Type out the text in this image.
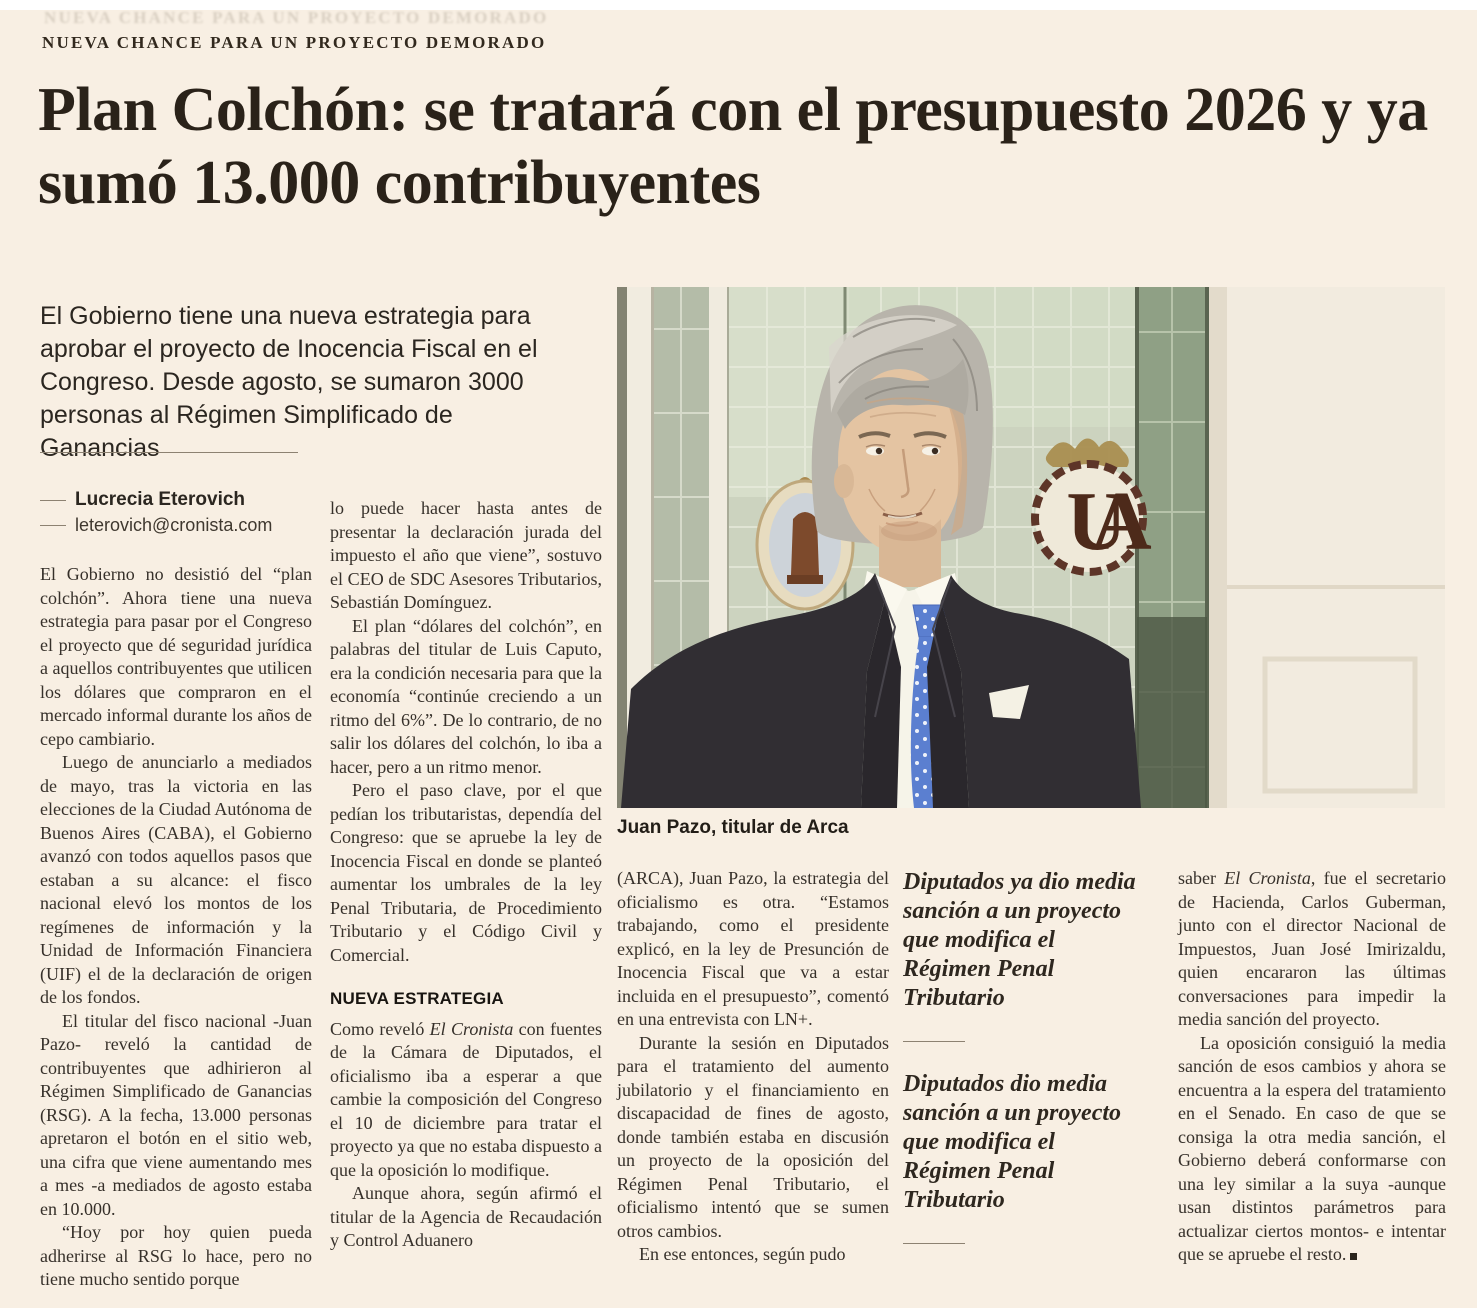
NUEVA CHANCE PARA UN PROYECTO DEMORADO
NUEVA CHANCE PARA UN PROYECTO DEMORADO
Plan Colchón: se tratará con el presupuesto 2026 y ya sumó 13.000 contribuyentes
El Gobierno tiene una nueva estrategia para aprobar el proyecto de Inocencia Fiscal en el Congreso. Desde agosto, se sumaron 3000 personas al Régimen Simplificado de Ganancias
Lucrecia Eterovich
leterovich@cronista.com	UA
Juan Pazo, titular de Arca

El Gobierno no desistió del “plan colchón”. Ahora tiene una nueva estrategia para pasar por el Congreso el proyecto que dé seguridad jurídica a aquellos contribuyentes que utilicen los dólares que compraron en el mercado informal durante los años de cepo cambiario.

Luego de anunciarlo a mediados de mayo, tras la victoria en las elecciones de la Ciudad Autónoma de Buenos Aires (CABA), el Gobierno avanzó con todos aquellos pasos que estaban a su alcance: el fisco nacional elevó los montos de los regímenes de información y la Unidad de Información Financiera (UIF) el de la declaración de origen de los fondos.

El titular del fisco nacional -Juan Pazo- reveló la cantidad de contribuyentes que adhirieron al Régimen Simplificado de Ganancias (RSG). A la fecha, 13.000 personas apretaron el botón en el sitio web, una cifra que viene aumentando mes a mes -a mediados de agosto estaba en 10.000.

“Hoy por hoy quien pueda adherirse al RSG lo hace, pero no tiene mucho sentido porque

lo puede hacer hasta antes de presentar la declaración jurada del impuesto el año que viene”, sostuvo el CEO de SDC Asesores Tributarios, Sebastián Domínguez.

El plan “dólares del colchón”, en palabras del titular de Luis Caputo, era la condición necesaria para que la economía “continúe creciendo a un ritmo del 6%”. De lo contrario, de no salir los dólares del colchón, lo iba a hacer, pero a un ritmo menor.

Pero el paso clave, por el que pedían los tributaristas, dependía del Congreso: que se apruebe la ley de Inocencia Fiscal en donde se planteó aumentar los umbrales de la ley Penal Tributaria, de Procedimiento Tributario y el Código Civil y Comercial.

NUEVA ESTRATEGIA

Como reveló El Cronista con fuentes de la Cámara de Diputados, el oficialismo iba a esperar a que cambie la composición del Congreso el 10 de diciembre para tratar el proyecto ya que no estaba dispuesto a que la oposición lo modifique.

Aunque ahora, según afirmó el titular de la Agencia de Recaudación y Control Aduanero

(ARCA), Juan Pazo, la estrategia del oficialismo es otra. “Estamos trabajando, como el presidente explicó, en la ley de Presunción de Inocencia Fiscal que va a estar incluida en el presupuesto”, comentó en una entrevista con LN+.

Durante la sesión en Diputados para el tratamiento del aumento jubilatorio y el financiamiento en discapacidad de fines de agosto, donde también estaba en discusión un proyecto de la oposición del Régimen Penal Tributario, el oficialismo intentó que se sumen otros cambios.

En ese entonces, según pudo

Diputados ya dio media sanción a un proyecto que modifica el Régimen Penal Tributario
Diputados dio media sanción a un proyecto que modifica el Régimen Penal Tributario

saber El Cronista, fue el secretario de Hacienda, Carlos Guberman, junto con el director Nacional de Impuestos, Juan José Imirizaldu, quien encararon las últimas conversaciones para impedir la media sanción del proyecto.

La oposición consiguió la media sanción de esos cambios y ahora se encuentra a la espera del tratamiento en el Senado. En caso de que se consiga la otra media sanción, el Gobierno deberá conformarse con una ley similar a la suya -aunque usan distintos parámetros para actualizar ciertos montos- e intentar que se apruebe el resto.
